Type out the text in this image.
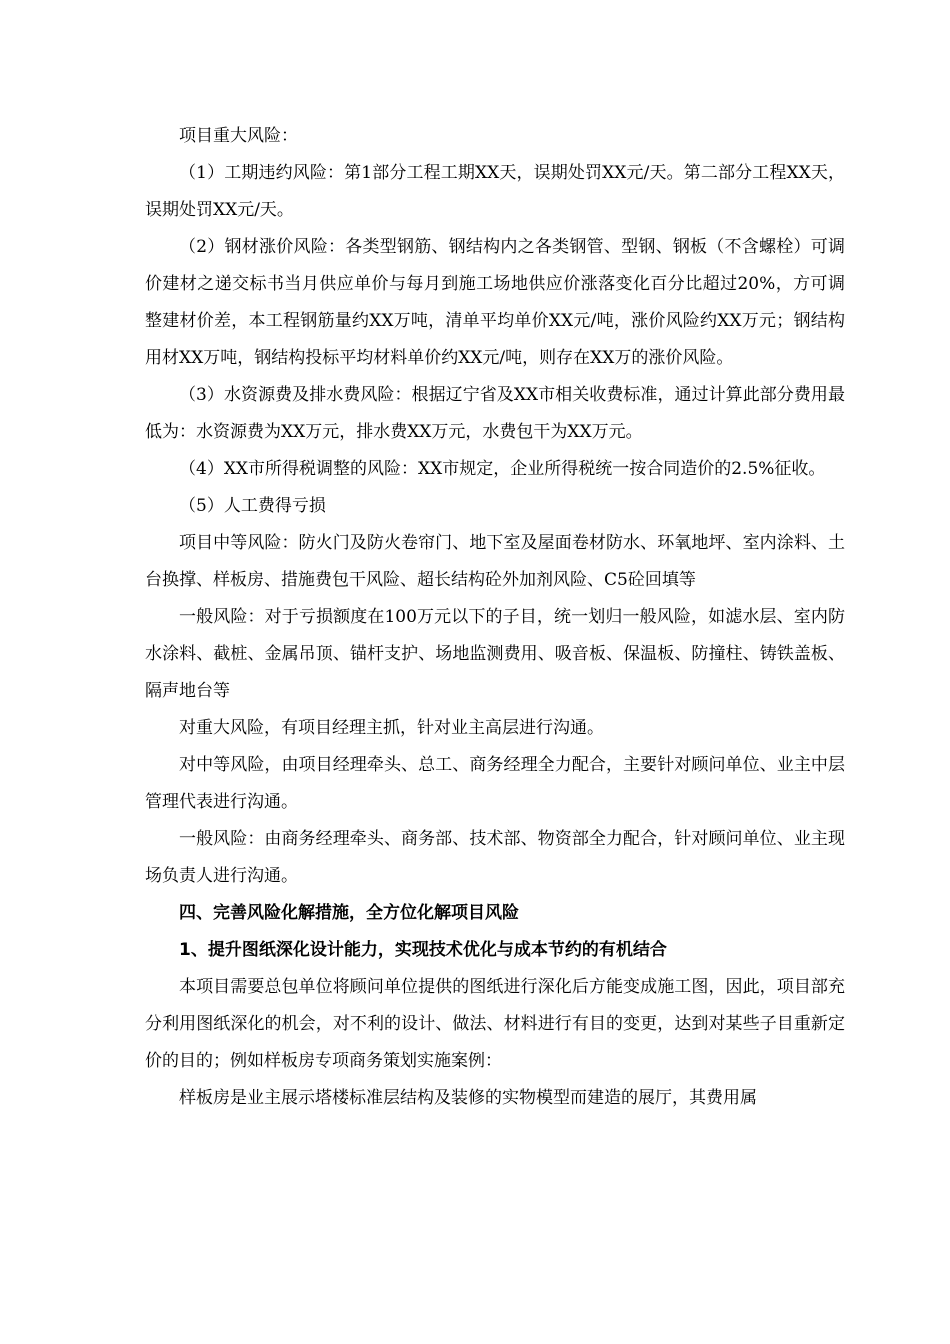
项目重大风险：

（1）工期违约风险：第1部分工程工期XX天，误期处罚XX元/天。第二部分工程XX天，误期处罚XX元/天。

（2）钢材涨价风险：各类型钢筋、钢结构内之各类钢管、型钢、钢板（不含螺栓）可调价建材之递交标书当月供应单价与每月到施工场地供应价涨落变化百分比超过20%，方可调整建材价差，本工程钢筋量约XX万吨，清单平均单价XX元/吨，涨价风险约XX万元；钢结构用材XX万吨，钢结构投标平均材料单价约XX元/吨，则存在XX万的涨价风险。

（3）水资源费及排水费风险：根据辽宁省及XX市相关收费标准，通过计算此部分费用最低为：水资源费为XX万元，排水费XX万元，水费包干为XX万元。

（4）XX市所得税调整的风险：XX市规定，企业所得税统一按合同造价的2.5%征收。

（5）人工费得亏损

项目中等风险：防火门及防火卷帘门、地下室及屋面卷材防水、环氧地坪、室内涂料、土台换撑、样板房、措施费包干风险、超长结构砼外加剂风险、C5砼回填等

一般风险：对于亏损额度在100万元以下的子目，统一划归一般风险，如滤水层、室内防水涂料、截桩、金属吊顶、锚杆支护、场地监测费用、吸音板、保温板、防撞柱、铸铁盖板、隔声地台等

对重大风险，有项目经理主抓，针对业主高层进行沟通。

对中等风险，由项目经理牵头、总工、商务经理全力配合，主要针对顾问单位、业主中层管理代表进行沟通。

一般风险：由商务经理牵头、商务部、技术部、物资部全力配合，针对顾问单位、业主现场负责人进行沟通。

四、完善风险化解措施，全方位化解项目风险

1、提升图纸深化设计能力，实现技术优化与成本节约的有机结合

本项目需要总包单位将顾问单位提供的图纸进行深化后方能变成施工图，因此，项目部充分利用图纸深化的机会，对不利的设计、做法、材料进行有目的变更，达到对某些子目重新定价的目的；例如样板房专项商务策划实施案例：

样板房是业主展示塔楼标准层结构及装修的实物模型而建造的展厅，其费用属
